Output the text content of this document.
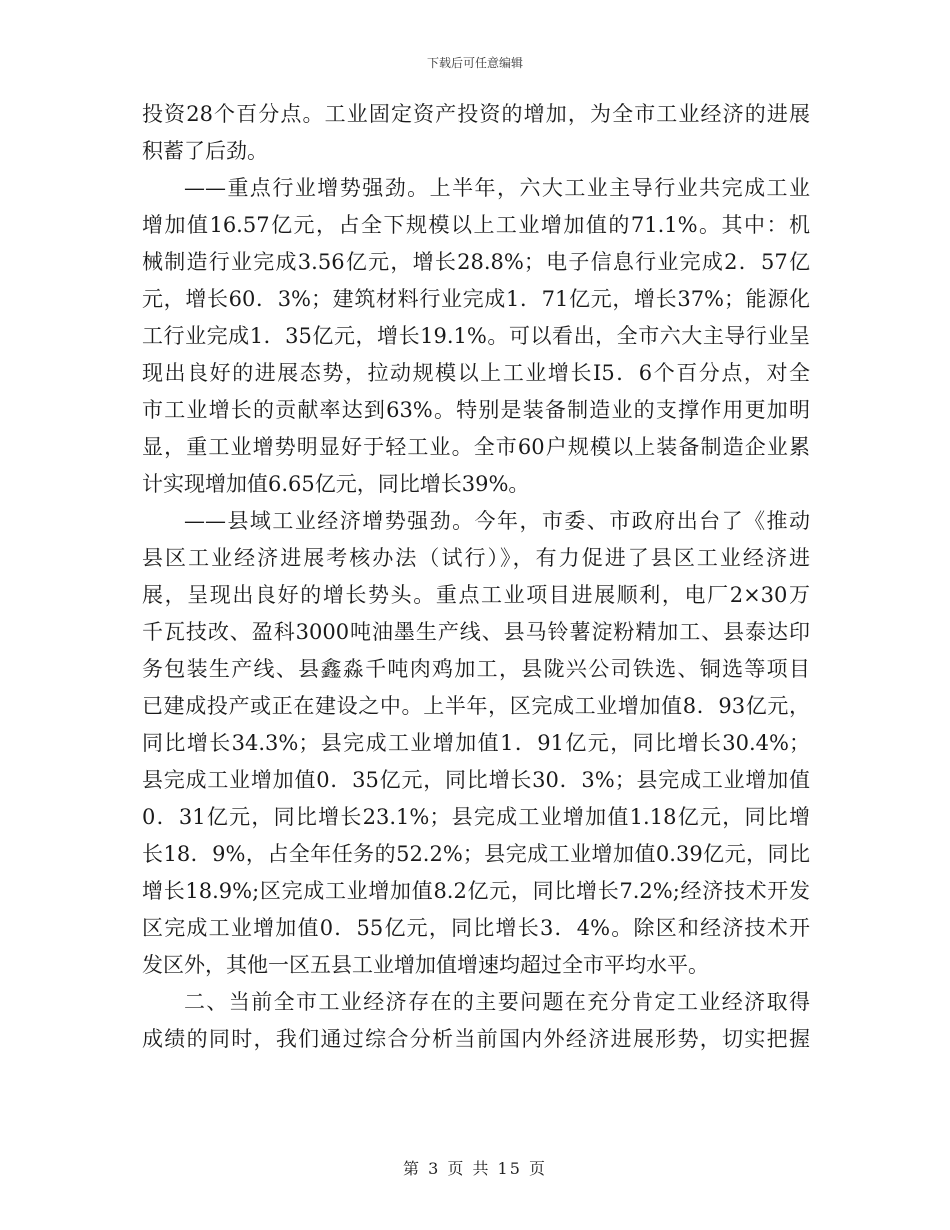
下载后可任意编辑
投资28个百分点。工业固定资产投资的增加，为全市工业经济的进展
积蓄了后劲。
——重点行业增势强劲。上半年，六大工业主导行业共完成工业
增加值16.57亿元，占全下规模以上工业增加值的71.1%。其中：机
械制造行业完成3.56亿元，增长28.8%；电子信息行业完成2．57亿
元，增长60．3%；建筑材料行业完成1．71亿元，增长37%；能源化
工行业完成1．35亿元，增长19.1%。可以看出，全市六大主导行业呈
现出良好的进展态势，拉动规模以上工业增长I5．6个百分点，对全
市工业增长的贡献率达到63%。特别是装备制造业的支撑作用更加明
显，重工业增势明显好于轻工业。全市60户规模以上装备制造企业累
计实现增加值6.65亿元，同比增长39%。
——县域工业经济增势强劲。今年，市委、市政府出台了《推动
县区工业经济进展考核办法（试行）》，有力促进了县区工业经济进
展，呈现出良好的增长势头。重点工业项目进展顺利，电厂2×30万
千瓦技改、盈科3000吨油墨生产线、县马铃薯淀粉精加工、县泰达印
务包装生产线、县鑫淼千吨肉鸡加工，县陇兴公司铁选、铜选等项目
已建成投产或正在建设之中。上半年，区完成工业增加值8．93亿元，
同比增长34.3%；县完成工业增加值1．91亿元，同比增长30.4%；
县完成工业增加值0．35亿元，同比增长30．3%；县完成工业增加值
0．31亿元，同比增长23.1%；县完成工业增加值1.18亿元，同比增
长18．9%，占全年任务的52.2%；县完成工业增加值0.39亿元，同比
增长18.9%;区完成工业增加值8.2亿元，同比增长7.2%;经济技术开发
区完成工业增加值0．55亿元，同比增长3．4%。除区和经济技术开
发区外，其他一区五县工业增加值增速均超过全市平均水平。
二、当前全市工业经济存在的主要问题在充分肯定工业经济取得
成绩的同时，我们通过综合分析当前国内外经济进展形势，切实把握
第 3 页 共 15 页
